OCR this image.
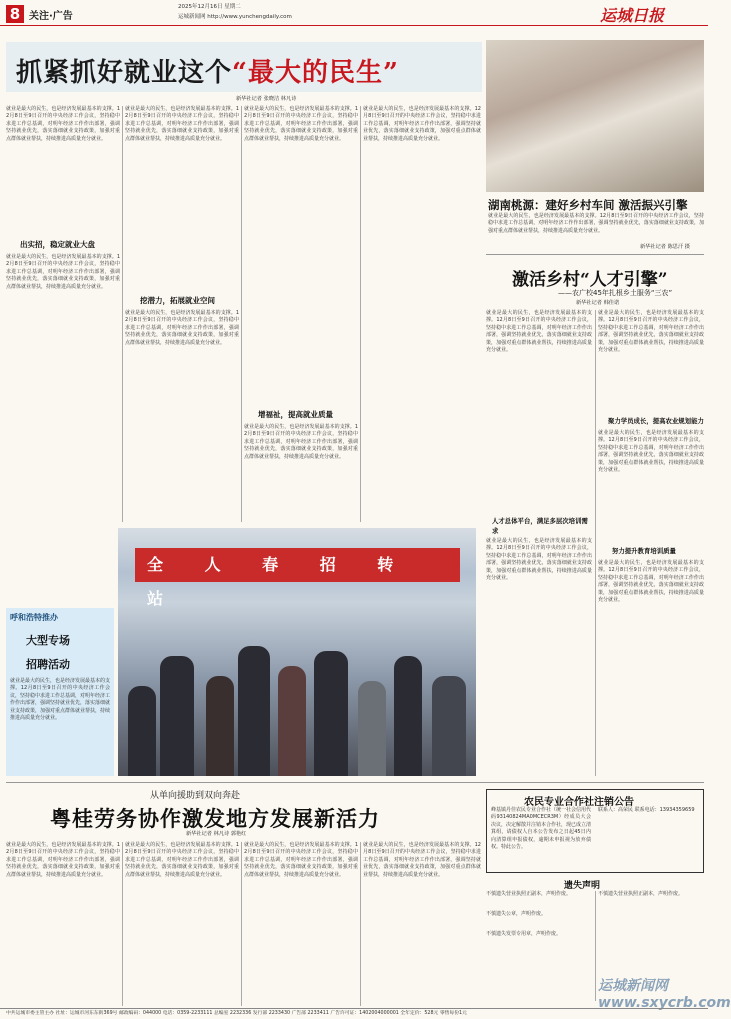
8 关注·广告
2025年12月16日 星期二
运城新闻网 http://www.yunchengdaily.com	运城日报
抓紧抓好就业这个“最大的民生”
新华社记者 张晓洁 林凡诗
就业是最大的民生，也是经济发展最基本的支撑。12月8日至9日召开的中央经济工作会议，坚持稳中求进工作总基调，对明年经济工作作出部署，强调坚持就业优先，落实落细就业支持政策，加强对重点群体就业帮扶，持续推进高质量充分就业。
出实招，稳定就业大盘
就业是最大的民生，也是经济发展最基本的支撑。12月8日至9日召开的中央经济工作会议，坚持稳中求进工作总基调，对明年经济工作作出部署，强调坚持就业优先，落实落细就业支持政策，加强对重点群体就业帮扶，持续推进高质量充分就业。
就业是最大的民生，也是经济发展最基本的支撑。12月8日至9日召开的中央经济工作会议，坚持稳中求进工作总基调，对明年经济工作作出部署，强调坚持就业优先，落实落细就业支持政策，加强对重点群体就业帮扶，持续推进高质量充分就业。
挖潜力，拓展就业空间
就业是最大的民生，也是经济发展最基本的支撑。12月8日至9日召开的中央经济工作会议，坚持稳中求进工作总基调，对明年经济工作作出部署，强调坚持就业优先，落实落细就业支持政策，加强对重点群体就业帮扶，持续推进高质量充分就业。
就业是最大的民生，也是经济发展最基本的支撑。12月8日至9日召开的中央经济工作会议，坚持稳中求进工作总基调，对明年经济工作作出部署，强调坚持就业优先，落实落细就业支持政策，加强对重点群体就业帮扶，持续推进高质量充分就业。
增福祉，提高就业质量
就业是最大的民生，也是经济发展最基本的支撑。12月8日至9日召开的中央经济工作会议，坚持稳中求进工作总基调，对明年经济工作作出部署，强调坚持就业优先，落实落细就业支持政策，加强对重点群体就业帮扶，持续推进高质量充分就业。
就业是最大的民生，也是经济发展最基本的支撑。12月8日至9日召开的中央经济工作会议，坚持稳中求进工作总基调，对明年经济工作作出部署，强调坚持就业优先，落实落细就业支持政策，加强对重点群体就业帮扶，持续推进高质量充分就业。
全 人 春 招 转 站
呼和浩特推办
大型专场
招聘活动
就业是最大的民生，也是经济发展最基本的支撑。12月8日至9日召开的中央经济工作会议，坚持稳中求进工作总基调，对明年经济工作作出部署，强调坚持就业优先，落实落细就业支持政策，加强对重点群体就业帮扶，持续推进高质量充分就业。
湖南桃源：建好乡村车间 激活振兴引擎
就业是最大的民生，也是经济发展最基本的支撑。12月8日至9日召开的中央经济工作会议，坚持稳中求进工作总基调，对明年经济工作作出部署，强调坚持就业优先，落实落细就业支持政策，加强对重点群体就业帮扶，持续推进高质量充分就业。
新华社记者 陈思汗 摄
激活乡村“人才引擎”
——农广校45年扎根乡土服务“三农”
新华社记者 韩佳诺
就业是最大的民生，也是经济发展最基本的支撑。12月8日至9日召开的中央经济工作会议，坚持稳中求进工作总基调，对明年经济工作作出部署，强调坚持就业优先，落实落细就业支持政策，加强对重点群体就业帮扶，持续推进高质量充分就业。
人才总体平台，满足多层次培训需求
就业是最大的民生，也是经济发展最基本的支撑。12月8日至9日召开的中央经济工作会议，坚持稳中求进工作总基调，对明年经济工作作出部署，强调坚持就业优先，落实落细就业支持政策，加强对重点群体就业帮扶，持续推进高质量充分就业。
就业是最大的民生，也是经济发展最基本的支撑。12月8日至9日召开的中央经济工作会议，坚持稳中求进工作总基调，对明年经济工作作出部署，强调坚持就业优先，落实落细就业支持政策，加强对重点群体就业帮扶，持续推进高质量充分就业。
聚力学员成长，提高农业规划能力
就业是最大的民生，也是经济发展最基本的支撑。12月8日至9日召开的中央经济工作会议，坚持稳中求进工作总基调，对明年经济工作作出部署，强调坚持就业优先，落实落细就业支持政策，加强对重点群体就业帮扶，持续推进高质量充分就业。
努力提升教育培训质量
就业是最大的民生，也是经济发展最基本的支撑。12月8日至9日召开的中央经济工作会议，坚持稳中求进工作总基调，对明年经济工作作出部署，强调坚持就业优先，落实落细就业支持政策，加强对重点群体就业帮扶，持续推进高质量充分就业。
从单向援助到双向奔赴
粤桂劳务协作激发地方发展新活力
新华社记者 林凡诗 郭艳红
就业是最大的民生，也是经济发展最基本的支撑。12月8日至9日召开的中央经济工作会议，坚持稳中求进工作总基调，对明年经济工作作出部署，强调坚持就业优先，落实落细就业支持政策，加强对重点群体就业帮扶，持续推进高质量充分就业。
就业是最大的民生，也是经济发展最基本的支撑。12月8日至9日召开的中央经济工作会议，坚持稳中求进工作总基调，对明年经济工作作出部署，强调坚持就业优先，落实落细就业支持政策，加强对重点群体就业帮扶，持续推进高质量充分就业。
就业是最大的民生，也是经济发展最基本的支撑。12月8日至9日召开的中央经济工作会议，坚持稳中求进工作总基调，对明年经济工作作出部署，强调坚持就业优先，落实落细就业支持政策，加强对重点群体就业帮扶，持续推进高质量充分就业。
就业是最大的民生，也是经济发展最基本的支撑。12月8日至9日召开的中央经济工作会议，坚持稳中求进工作总基调，对明年经济工作作出部署，强调坚持就业优先，落实落细就业支持政策，加强对重点群体就业帮扶，持续推进高质量充分就业。
农民专业合作社注销公告
峰基镇丹佳农民专业合作社（统一社会信用代码93140824MA0MCECR3M）经成员大会决议，决定解散并注销本合作社，现已成立清算组，请债权人自本公告发布之日起45日内向清算组申报债权，逾期未申报视为放弃债权。特此公告。
联系人：高荣民 联系电话：13934359659
遗失声明
不慎遗失营业执照正副本，声明作废。
不慎遗失公章，声明作废。
不慎遗失发票专用章，声明作废。
不慎遗失营业执照正副本，声明作废。
运城新闻网 www.sxycrb.com
中共运城市委主管主办 社址：运城市河东东街369号 邮政编码：044000 电话：0359-2233111 总编室 2232336 发行部 2233430 广告部 2233411 广告许可证：1402004000001 全年定价：528元 零售每份1元
